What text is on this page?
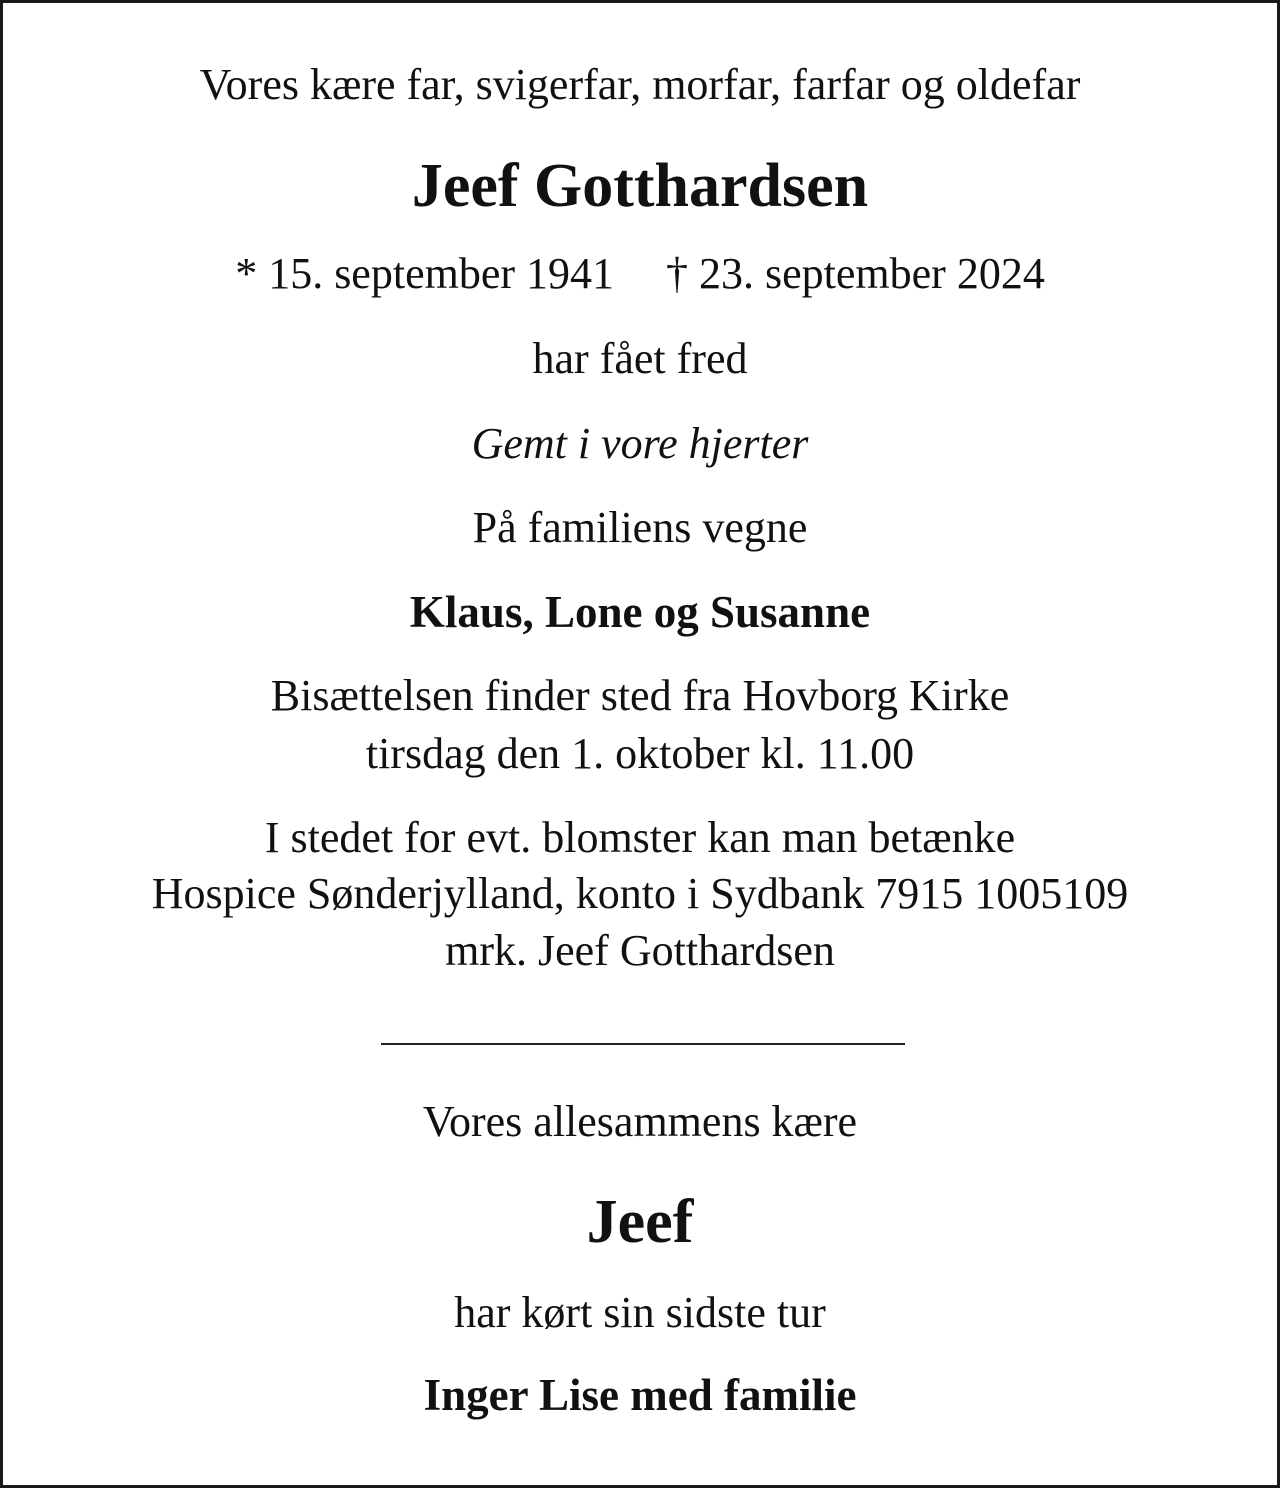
Vores kære far, svigerfar, morfar, farfar og oldefar
Jeef Gotthardsen
* 15. september 1941 † 23. september 2024
har fået fred
Gemt i vore hjerter
På familiens vegne
Klaus, Lone og Susanne
Bisættelsen finder sted fra Hovborg Kirke
tirsdag den 1. oktober kl. 11.00
I stedet for evt. blomster kan man betænke
Hospice Sønderjylland, konto i Sydbank 7915 1005109
mrk. Jeef Gotthardsen
Vores allesammens kære
Jeef
har kørt sin sidste tur
Inger Lise med familie
